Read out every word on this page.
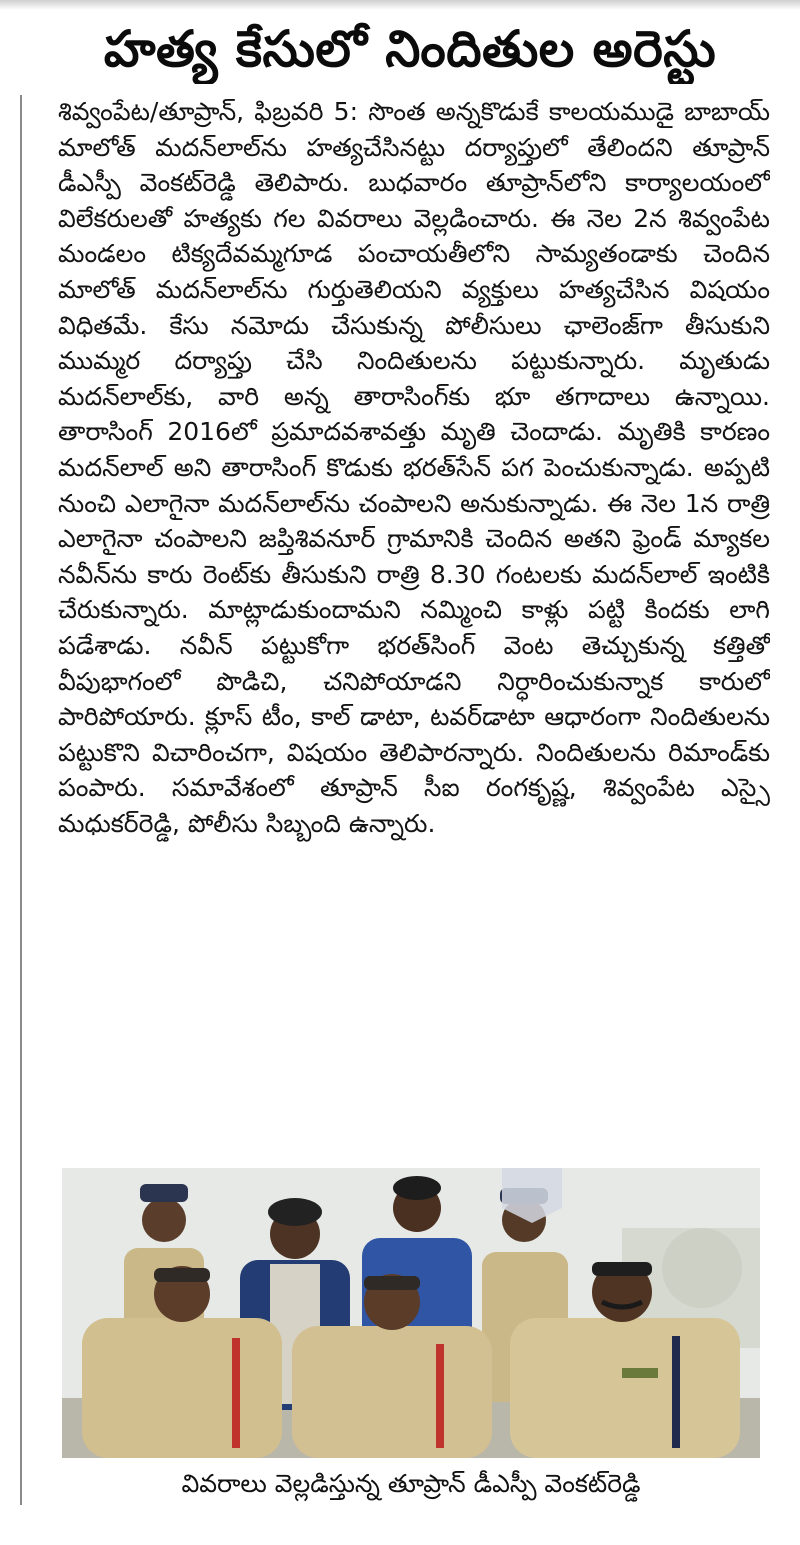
హత్య కేసులో నిందితుల అరెస్టు

శివ్వంపేట/తూప్రాన్, ఫిబ్రవరి 5: సొంత అన్నకొడుకే కాలయముడై బాబాయ్ మాలోత్ మదన్‌లాల్‌ను హత్యచేసినట్టు దర్యాప్తులో తేలిందని తూప్రాన్ డీఎస్పీ వెంకట్‌రెడ్డి తెలిపారు. బుధవారం తూప్రాన్‌లోని కార్యాలయంలో విలేకరులతో హత్యకు గల వివరాలు వెల్లడించారు. ఈ నెల 2న శివ్వంపేట మండలం టిక్యదేవమ్మగూడ పంచాయతీలోని సామ్యతండాకు చెందిన మాలోత్ మదన్‌లాల్‌ను గుర్తుతెలియని వ్యక్తులు హత్యచేసిన విషయం విధితమే. కేసు నమోదు చేసుకున్న పోలీసులు ఛాలెంజ్‌గా తీసుకుని ముమ్మర దర్యాప్తు చేసి నిందితులను పట్టుకున్నారు. మృతుడు మదన్‌లాల్‌కు, వారి అన్న తారాసింగ్‌కు భూ తగాదాలు ఉన్నాయి. తారాసింగ్ 2016లో ప్రమాదవశావత్తు మృతి చెందాడు. మృతికి కారణం మదన్‌లాల్ అని తారాసింగ్ కొడుకు భరత్‌సేన్ పగ పెంచుకున్నాడు. అప్పటి నుంచి ఎలాగైనా మదన్‌లాల్‌ను చంపాలని అనుకున్నాడు. ఈ నెల 1న రాత్రి ఎలాగైనా చంపాలని జప్తిశివనూర్ గ్రామానికి చెందిన అతని ఫ్రెండ్ మ్యాకల నవీన్‌ను కారు రెంట్‌కు తీసుకుని రాత్రి 8.30 గంటలకు మదన్‌లాల్ ఇంటికి చేరుకున్నారు. మాట్లాడుకుందామని నమ్మించి కాళ్లు పట్టి కిందకు లాగి పడేశాడు. నవీన్ పట్టుకోగా భరత్‌సింగ్ వెంట తెచ్చుకున్న కత్తితో వీపుభాగంలో పొడిచి, చనిపోయాడని నిర్ధారించుకున్నాక కారులో పారిపోయారు. క్లూస్ టీం, కాల్ డాటా, టవర్‌డాటా ఆధారంగా నిందితులను పట్టుకొని విచారించగా, విషయం తెలిపారన్నారు. నిందితులను రిమాండ్‌కు పంపారు. సమావేశంలో తూప్రాన్ సీఐ రంగకృష్ణ, శివ్వంపేట ఎస్సై మధుకర్‌రెడ్డి, పోలీసు సిబ్బంది ఉన్నారు.

వివరాలు వెల్లడిస్తున్న తూప్రాన్ డీఎస్పీ వెంకట్‌రెడ్డి
